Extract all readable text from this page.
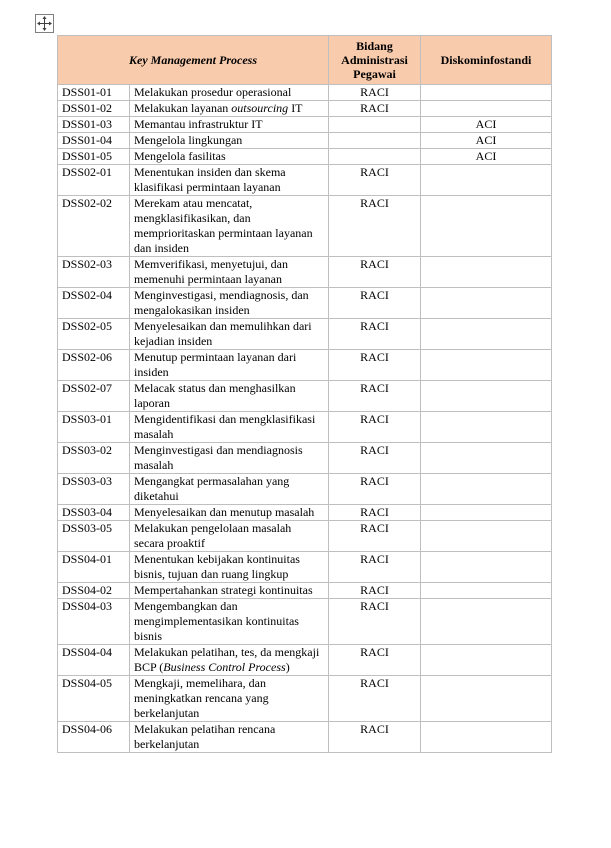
Key Management Process		Bidang Administrasi Pegawai	Diskominfostandi
DSS01-01	Melakukan prosedur operasional	RACI	
DSS01-02	Melakukan layanan outsourcing IT	RACI	
DSS01-03	Memantau infrastruktur IT		ACI
DSS01-04	Mengelola lingkungan		ACI
DSS01-05	Mengelola fasilitas		ACI
DSS02-01	Menentukan insiden dan skema klasifikasi permintaan layanan	RACI	
DSS02-02	Merekam atau mencatat, mengklasifikasikan, dan memprioritaskan permintaan layanan dan insiden	RACI	
DSS02-03	Memverifikasi, menyetujui, dan memenuhi permintaan layanan	RACI	
DSS02-04	Menginvestigasi, mendiagnosis, dan mengalokasikan insiden	RACI	
DSS02-05	Menyelesaikan dan memulihkan dari kejadian insiden	RACI	
DSS02-06	Menutup permintaan layanan dari insiden	RACI	
DSS02-07	Melacak status dan menghasilkan laporan	RACI	
DSS03-01	Mengidentifikasi dan mengklasifikasi masalah	RACI	
DSS03-02	Menginvestigasi dan mendiagnosis masalah	RACI	
DSS03-03	Mengangkat permasalahan yang diketahui	RACI	
DSS03-04	Menyelesaikan dan menutup masalah	RACI	
DSS03-05	Melakukan pengelolaan masalah secara proaktif	RACI	
DSS04-01	Menentukan kebijakan kontinuitas bisnis, tujuan dan ruang lingkup	RACI	
DSS04-02	Mempertahankan strategi kontinuitas	RACI	
DSS04-03	Mengembangkan dan mengimplementasikan kontinuitas bisnis	RACI	
DSS04-04	Melakukan pelatihan, tes, da mengkaji BCP (Business Control Process)	RACI	
DSS04-05	Mengkaji, memelihara, dan meningkatkan rencana yang berkelanjutan	RACI	
DSS04-06	Melakukan pelatihan rencana berkelanjutan	RACI	
